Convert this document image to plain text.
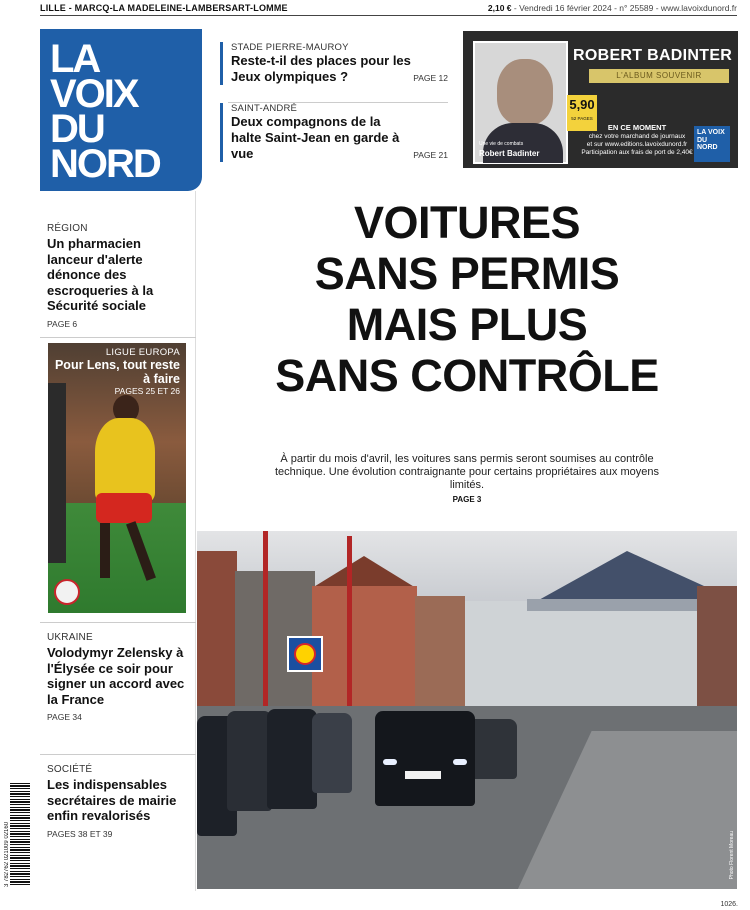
LILLE - MARCQ-LA MADELEINE-LAMBERSART-LOMME	2,10 € - Vendredi 16 février 2024 - n° 25589 - www.lavoixdunord.fr
LA
VOIX
DU
NORD
STADE PIERRE-MAUROY
Reste-t-il des places pour les Jeux olympiques ?	PAGE 12
SAINT-ANDRÉ
Deux compagnons de la halte Saint-Jean en garde à vue	PAGE 21
Une vie de combats
Robert Badinter
ROBERT BADINTER
L'ALBUM SOUVENIR
5,90
52 PAGES
EN CE MOMENT
chez votre marchand de journaux
et sur www.editions.lavoixdunord.fr
Participation aux frais de port de 2,40€
LA VOIX DU NORD
RÉGION
Un pharmacien lanceur d'alerte dénonce des escroqueries à la Sécurité sociale
PAGE 6
UKRAINE
Volodymyr Zelensky à l'Élysée ce soir pour signer un accord avec la France
PAGE 34
SOCIÉTÉ
Les indispensables secrétaires de mairie enfin revalorisés
PAGES 38 ET 39
LIGUE EUROPA
Pour Lens, tout reste à faire
PAGES 25 ET 26
VOITURES
SANS PERMIS
MAIS PLUS
SANS CONTRÔLE
À partir du mois d'avril, les voitures sans permis seront soumises au contrôle technique. Une évolution contraignante pour certains propriétaires aux moyens limités.
PAGE 3
Photo Florent Moreau
3 782762 021009 02160
1026.
